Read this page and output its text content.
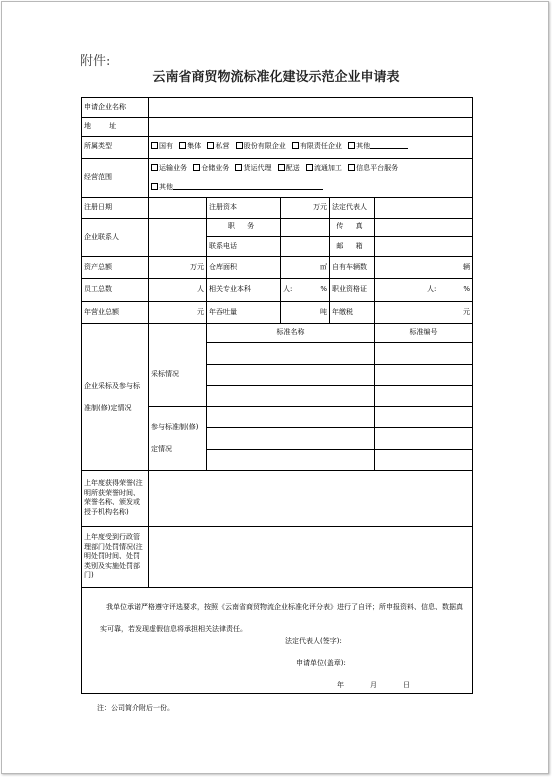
附件:
云南省商贸物流标准化建设示范企业申请表
申请企业名称					
地 址					
所属类型	国有 集体 私营 股份有限企业 有限责任企业 其他				
经营范围	运输业务 仓储业务 货运代理 配送 流通加工 信息平台服务
其他				
注册日期		注册资本	万元	法定代表人	
企业联系人		职 务		传 真	
		联系电话		邮 箱	
资产总额	万元	仓库面积	㎡	自有车辆数	辆
员工总数	人	相关专业本科	人: %	职业资格证	人: %

年营业总额	元	年吞吐量	吨	年缴税	元
企业采标及参与标准制(修)定情况		标准名称			标准编号
	采标情况				

	参与标准制(修)定情况				

上年度获得荣誉(注明所获荣誉时间、荣誉名称、颁发或授予机构名称)					
上年度受到行政管理部门处罚情况(注明处罚时间、处罚类别及实施处罚部门)					

我单位承诺严格遵守评选要求，按照《云南省商贸物流企业标准化评分表》进行了自评；所申报资料、信息、数据真实可靠，若发现虚假信息将承担相关法律责任。
法定代表人(签字):
申请单位(盖章):
年 月 日					
注：公司简介附后一份。
